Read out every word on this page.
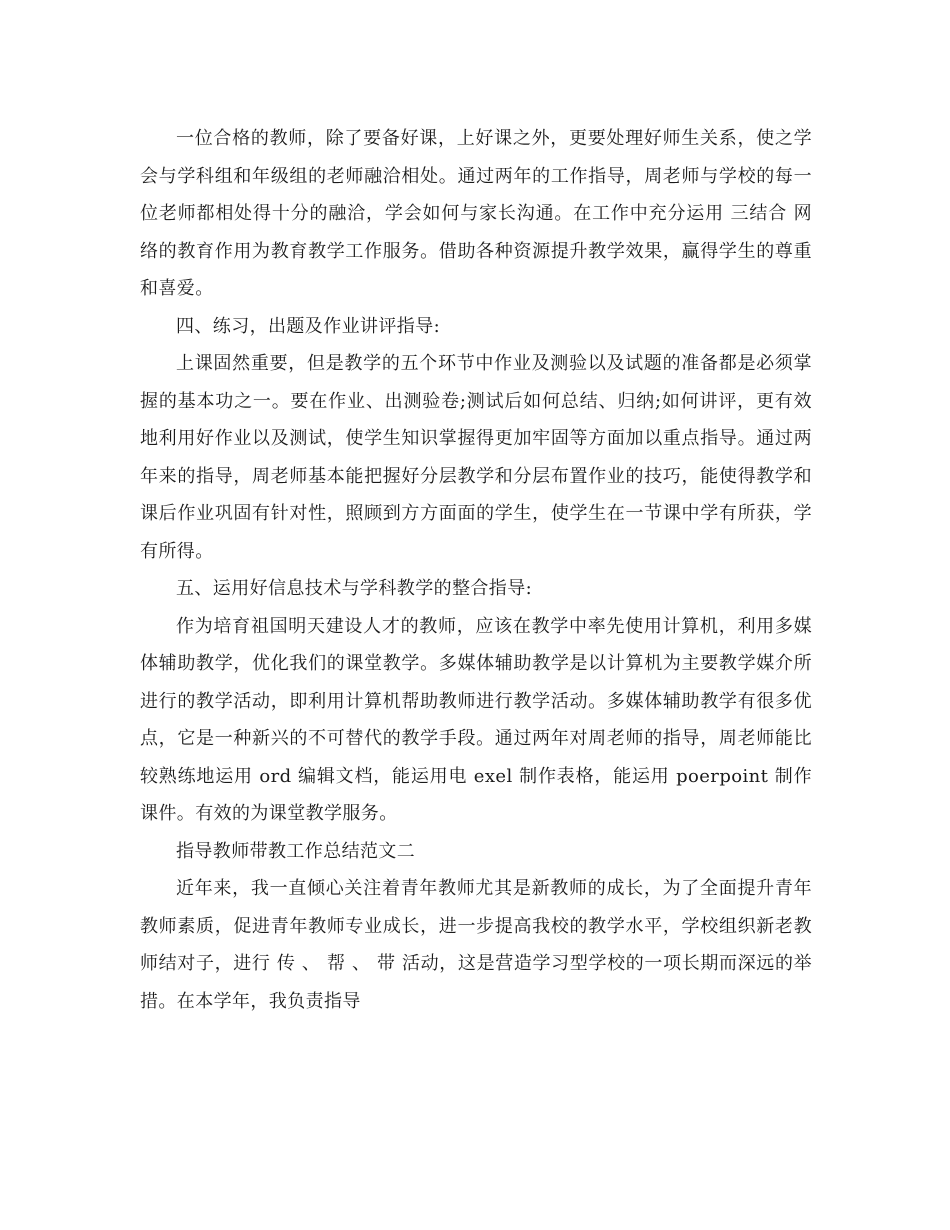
一位合格的教师，除了要备好课，上好课之外，更要处理好师生关系，使之学会与学科组和年级组的老师融洽相处。通过两年的工作指导，周老师与学校的每一位老师都相处得十分的融洽，学会如何与家长沟通。在工作中充分运用 三结合 网络的教育作用为教育教学工作服务。借助各种资源提升教学效果，赢得学生的尊重和喜爱。

四、练习，出题及作业讲评指导:

上课固然重要，但是教学的五个环节中作业及测验以及试题的准备都是必须掌握的基本功之一。要在作业、出测验卷;测试后如何总结、归纳;如何讲评，更有效地利用好作业以及测试，使学生知识掌握得更加牢固等方面加以重点指导。通过两年来的指导，周老师基本能把握好分层教学和分层布置作业的技巧，能使得教学和课后作业巩固有针对性，照顾到方方面面的学生，使学生在一节课中学有所获，学有所得。

五、运用好信息技术与学科教学的整合指导:

作为培育祖国明天建设人才的教师，应该在教学中率先使用计算机，利用多媒体辅助教学，优化我们的课堂教学。多媒体辅助教学是以计算机为主要教学媒介所进行的教学活动，即利用计算机帮助教师进行教学活动。多媒体辅助教学有很多优点，它是一种新兴的不可替代的教学手段。通过两年对周老师的指导，周老师能比较熟练地运用 ord 编辑文档，能运用电 exel 制作表格，能运用 poerpoint 制作课件。有效的为课堂教学服务。

指导教师带教工作总结范文二

近年来，我一直倾心关注着青年教师尤其是新教师的成长，为了全面提升青年教师素质，促进青年教师专业成长，进一步提高我校的教学水平，学校组织新老教师结对子，进行 传 、 帮 、 带 活动，这是营造学习型学校的一项长期而深远的举措。在本学年，我负责指导
